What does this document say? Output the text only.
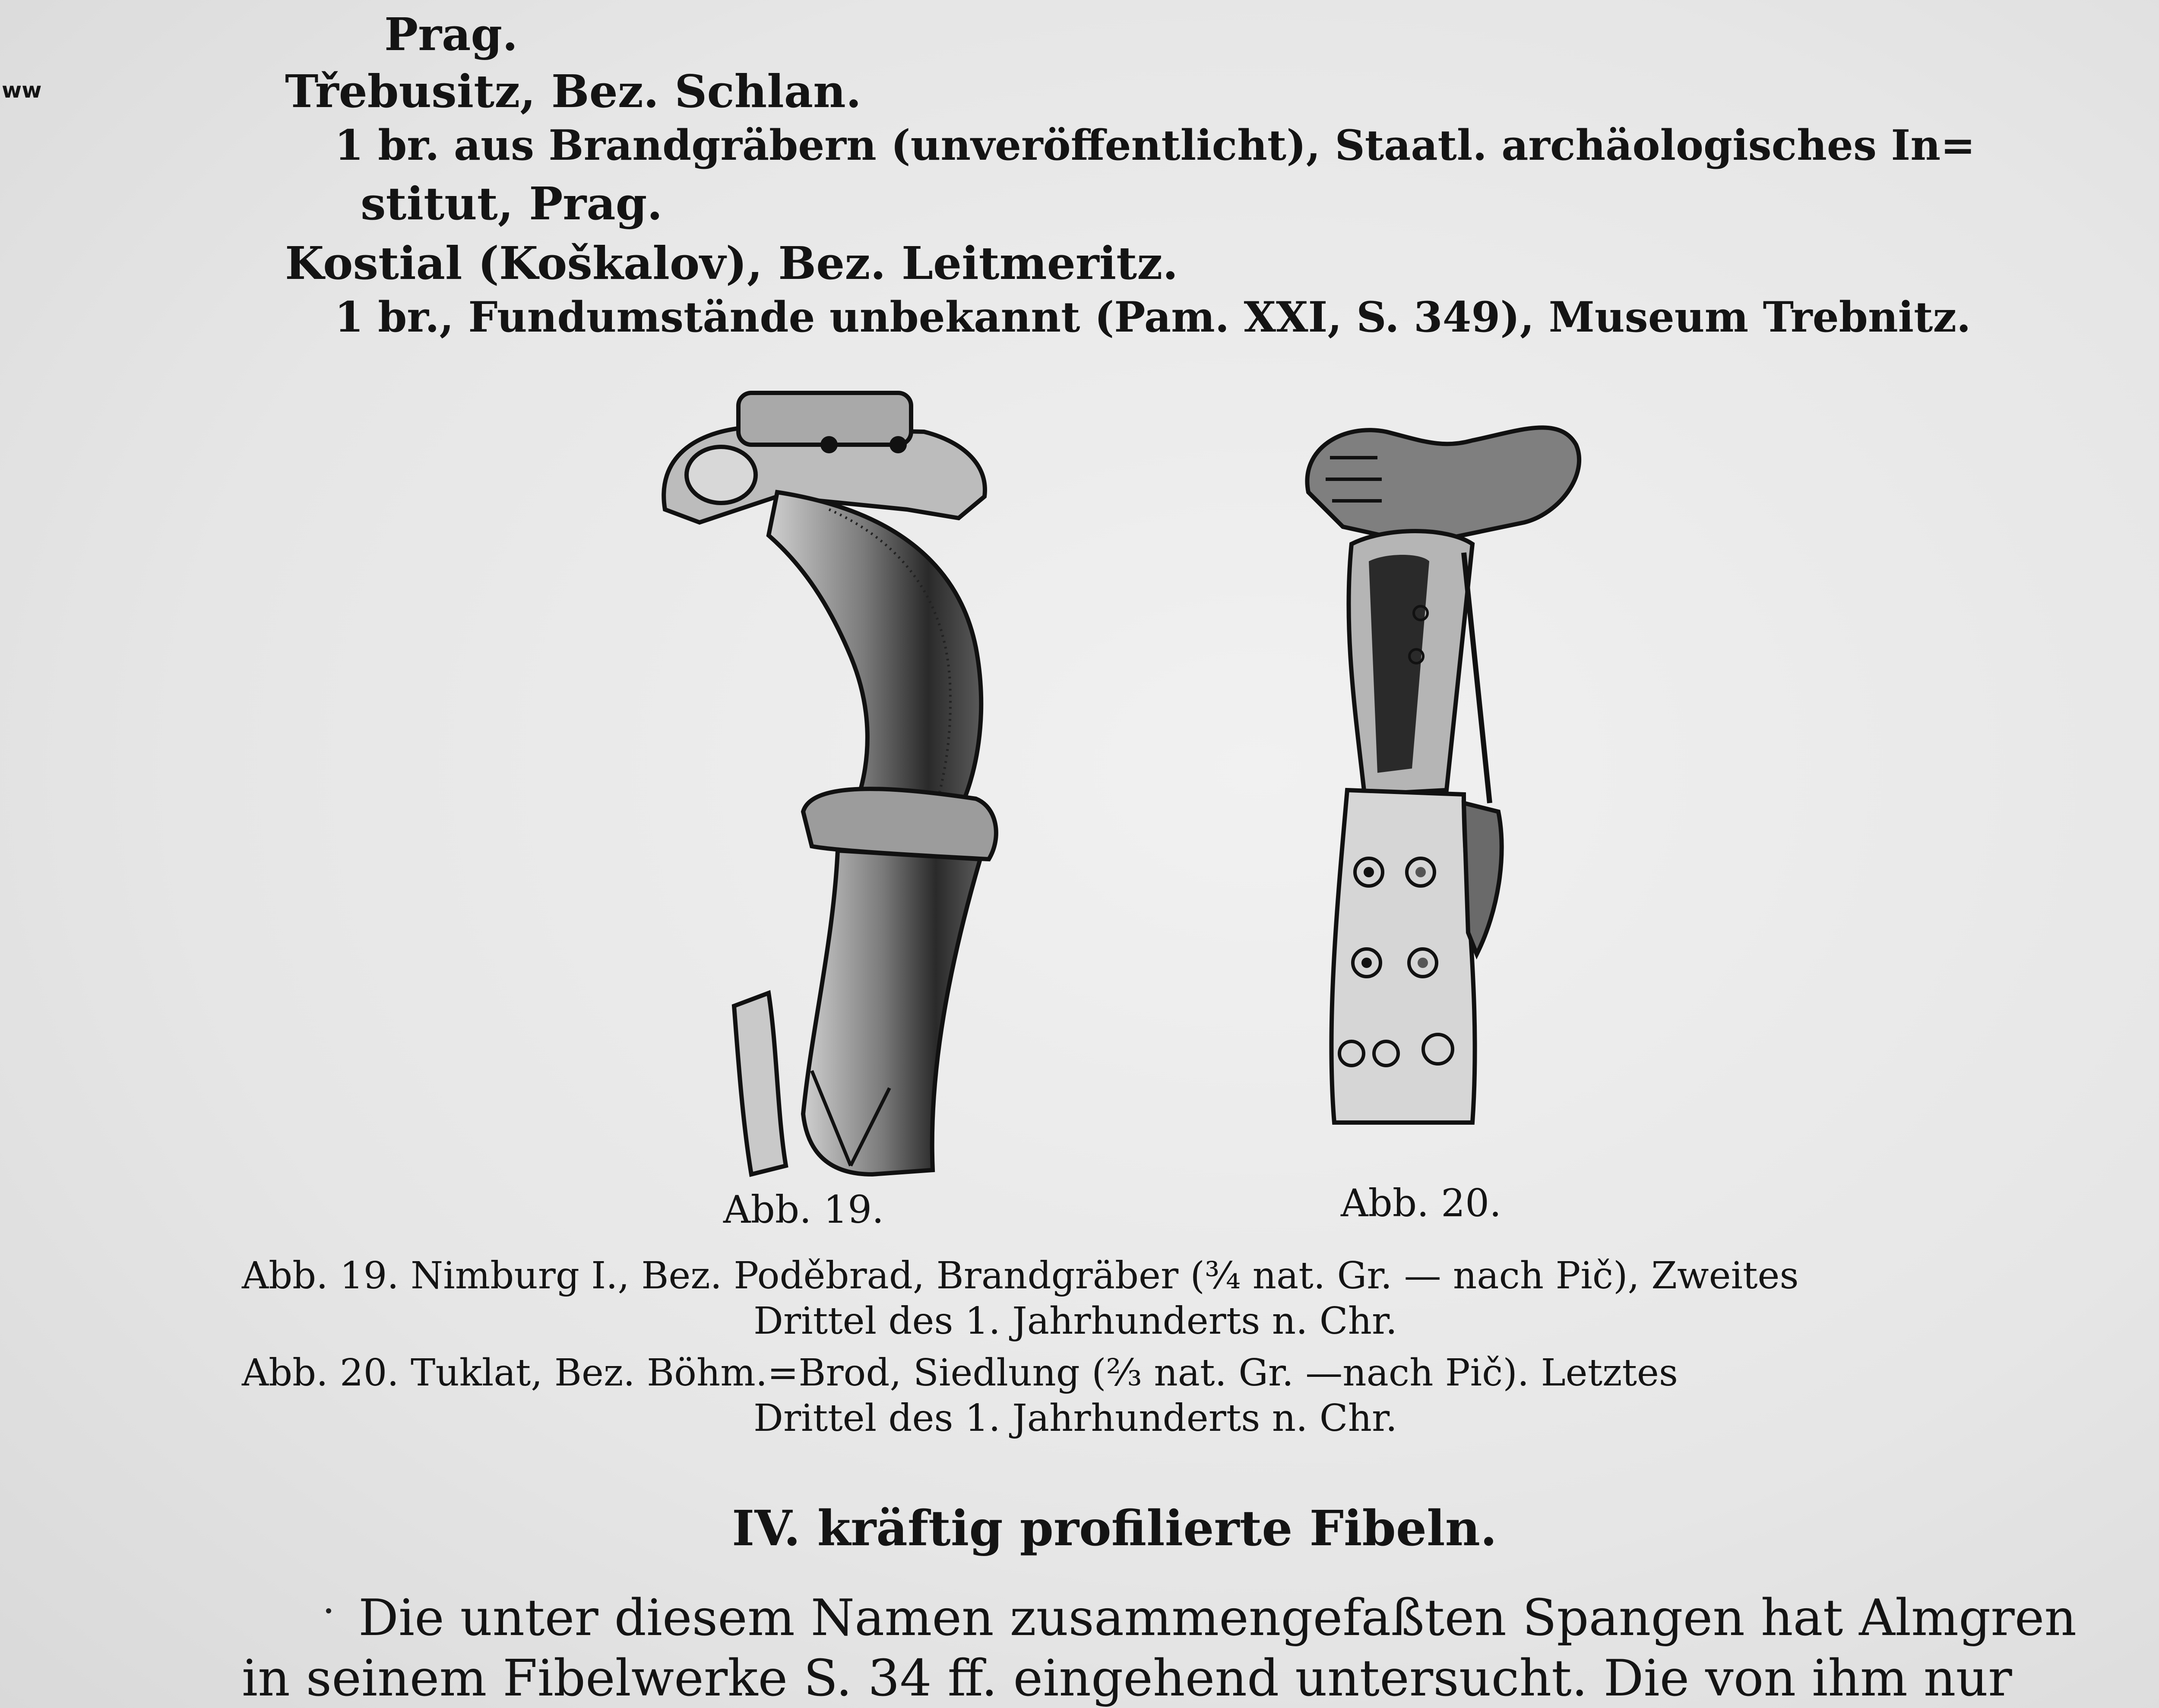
ww
Prag.
Třebusitz, Bez. Schlan.
1 br. aus Brandgräbern (unveröffentlicht), Staatl. archäologisches In=
stitut, Prag.
Kostial (Koškalov), Bez. Leitmeritz.
1 br., Fundumstände unbekannt (Pam. XXI, S. 349), Museum Trebnitz.
Abb. 19.	Abb. 20.
Abb. 19. Nimburg I., Bez. Poděbrad, Brandgräber (¾ nat. Gr. — nach Pič), Zweites
Drittel des 1. Jahrhunderts n. Chr.
Abb. 20. Tuklat, Bez. Böhm.=Brod, Siedlung (⅔ nat. Gr. —nach Pič). Letztes
Drittel des 1. Jahrhunderts n. Chr.
IV. kräftig profilierte Fibeln.
Die unter diesem Namen zusammengefaßten Spangen hat Almgren
in seinem Fibelwerke S. 34 ff. eingehend untersucht. Die von ihm nur
